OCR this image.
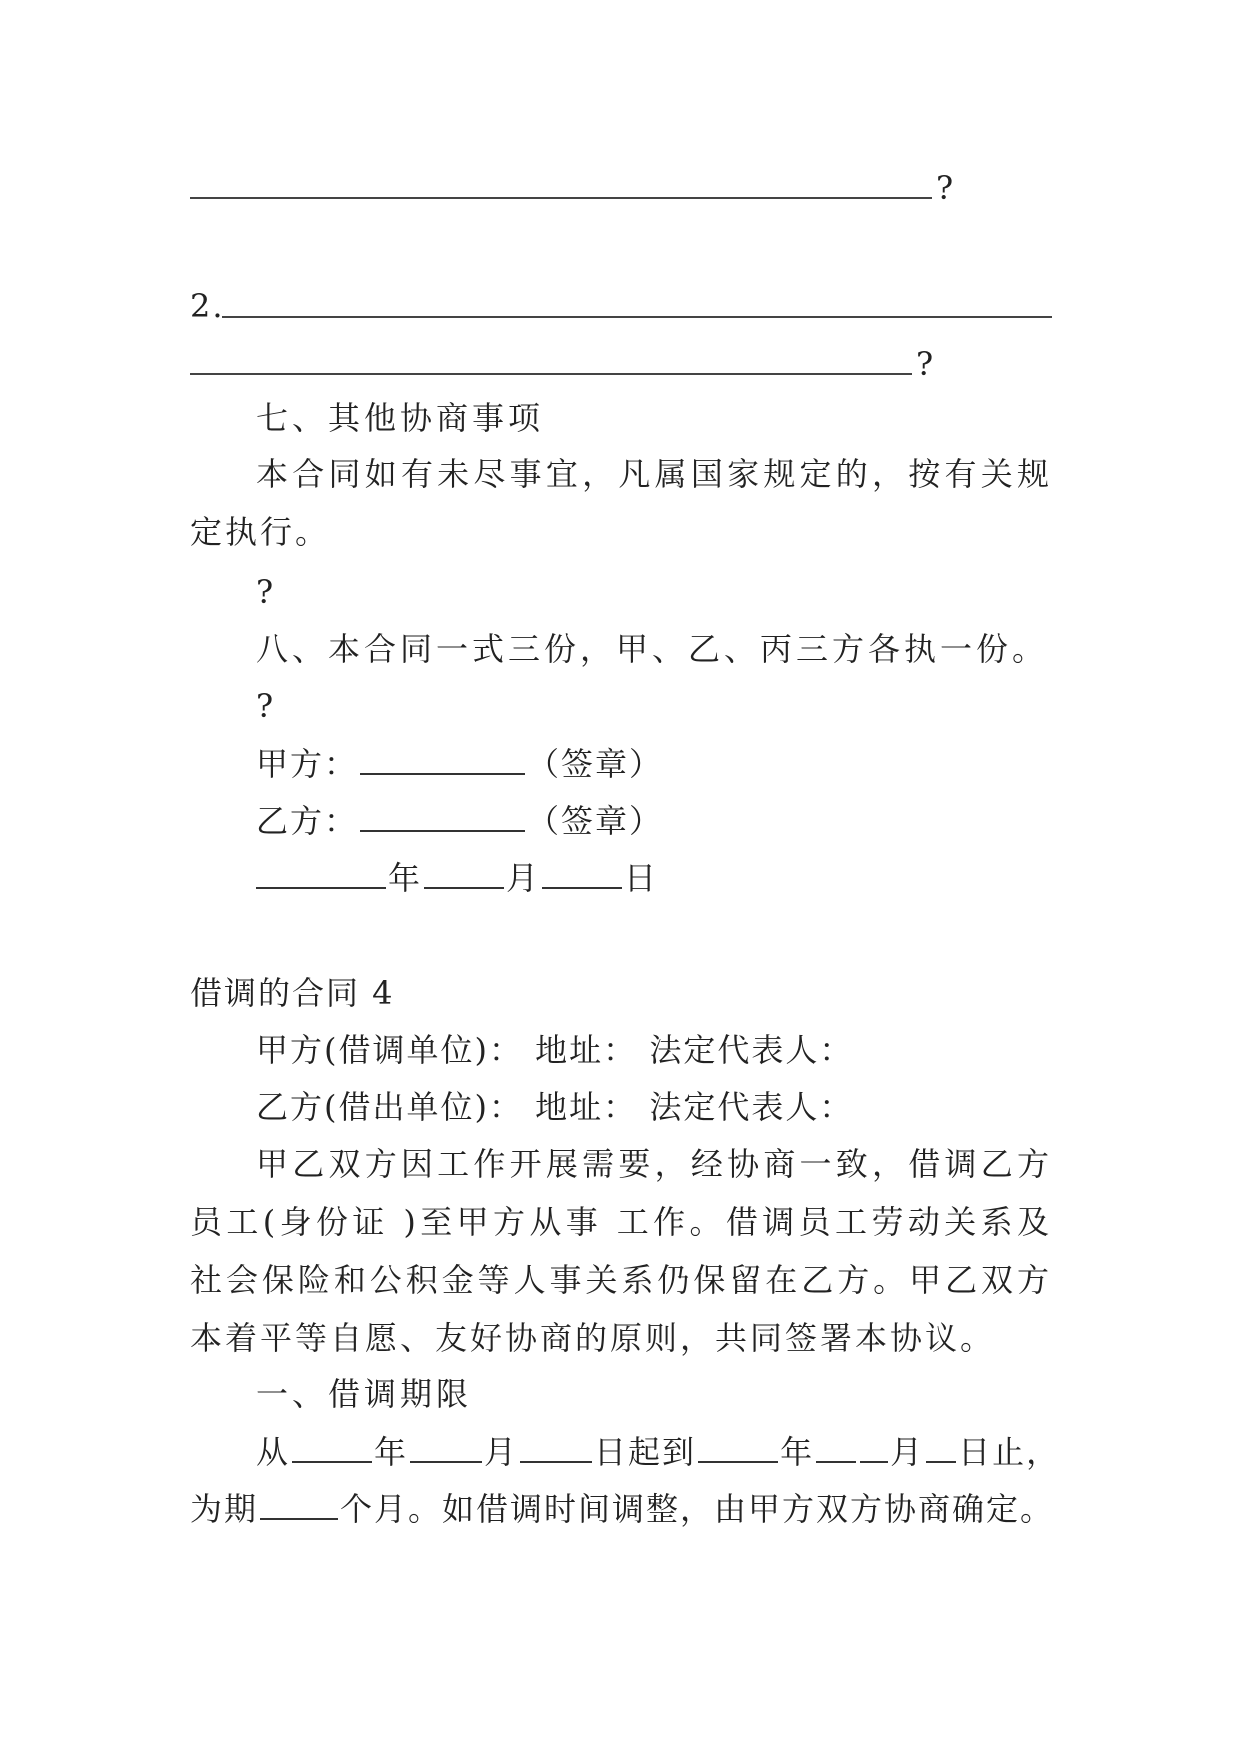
?
2.
?
七、其他协商事项
本合同如有未尽事宜，凡属国家规定的，按有关规定执行。
?
八、本合同一式三份，甲、乙、丙三方各执一份。
?
甲方：	（签章）
乙方：	（签章）
年	月	日
借调的合同 4
甲方(借调单位)： 地址： 法定代表人：
乙方(借出单位)： 地址： 法定代表人：
甲乙双方因工作开展需要，经协商一致，借调乙方员工(身份证 )至甲方从事 工作。借调员工劳动关系及社会保险和公积金等人事关系仍保留在乙方。甲乙双方本着平等自愿、友好协商的原则，共同签署本协议。
一、借调期限
从	年 月 日起到	年 月 日止，
为期	个月。如借调时间调整，由甲方双方协商确定。
